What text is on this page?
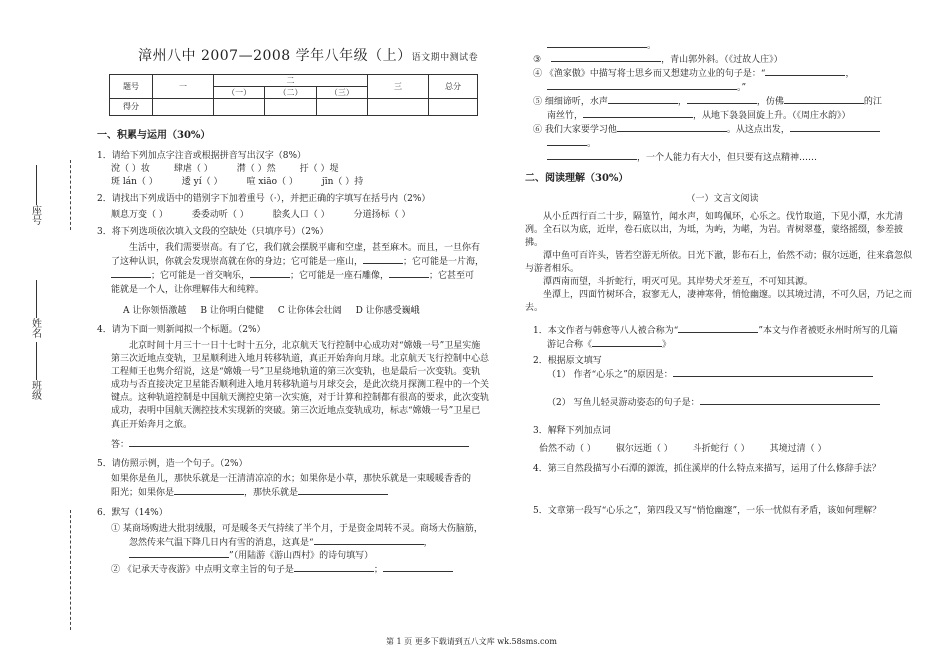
座号
姓名
班级
漳州八中 2007—2008 学年八年级（上）语文期中测试卷
题号	一	二			三	总分
		（一）	（二）	（三）		
得分						

一、积累与运用（30%）

1．请给下列加点字注音或根据拼音写出汉字（8%）

涗（ ）妆	肆虐（ ）	潸（ ）然	扜（ ）堤
斑 lán（ ）	逶 yí（ ）	喧 xiāo（ ）	jīn（ ）持

2．请找出下列成语中的错别字下加着重号（·），并把正确的字填写在括号内（2%）

顺息万变（ ）	委委动听（ ）	脍炙人口（ ）	分道扬标（ ）

3．将下列选项依次填入文段的空缺处（只填序号）（2%）

生活中，我们需要崇高。有了它，我们就会摆脱平庸和空虚，甚至麻木。而且，一旦你有
了这种认识，你就会发现崇高就在你的身边；它可能是一座山，	；它可能是一片海，
；它可能是一首交响乐，	；它可能是一座石雕像，	；它甚至可
能就是一个人，让你理解伟大和纯粹。
A 让你领悟激越 B 让你明白健健 C 让你体会壮阔 D 让你感受巍峨

4．请为下面一则新闻拟一个标题。（2%）

北京时间十月三十一日十七时十五分，北京航天飞行控制中心成功对“嫦娥一号”卫星实施第三次近地点变轨，卫星顺利进入地月转移轨道，真正开始奔向月球。北京航天飞行控制中心总工程师王也隽介绍说，这是“嫦娥一号”卫星绕地轨道的第三次变轨，也是最后一次变轨。变轨成功与否直接决定卫星能否顺利进入地月转移轨道与月球交会，是此次绕月探测工程中的一个关键点。这种轨道控制是中国航天测控史第一次实施，对于计算和控制都有很高的要求，此次变轨成功，表明中国航天测控技术实现新的突破。第三次近地点变轨成功，标志“嫦娥一号”卫星已真正开始奔月之旅。

答：

5．请仿照示例，造一个句子。（2%）

如果你是鱼儿，那快乐就是一汪清清凉凉的水；如果你是小草，那快乐就是一束暖暖香香的
阳光；如果你是	，那快乐就是

6．默写（14%）

① 某商场购进大批羽绒服，可是暖冬天气持续了半个月，于是资金周转不灵。商场大伤脑筋，
忽然传来气温下降几日内有雪的消息，这真是“	，
”（用陆游《游山西村》的诗句填写）
② 《记承天寺夜游》中点明文章主旨的句子是	；
。
③	，青山郭外斜。（《过故人庄》）
④ 《渔家傲》中描写将士思乡而又想建功立业的句子是：“	，
。”
⑤ 细细谛听，水声	，	，仿佛	的江
南丝竹，	，从地下袅袅回旋上升。（《周庄水韵》）
⑥ 我们大家要学习他	。从这点出发，
。
，一个人能力有大小，但只要有这点精神……

二、阅读理解（30%）

（一）文言文阅读

从小丘西行百二十步，隔篁竹，闻水声，如鸣佩环，心乐之。伐竹取道，下见小潭，水尤清冽。全石以为底，近岸，卷石底以出，为坻，为屿，为嵁，为岩。青树翠蔓，蒙络摇缀，参差披拂。

潭中鱼可百许头，皆若空游无所依。日光下澈，影布石上，佁然不动；俶尔远逝，往来翕忽似与游者相乐。

潭西南而望，斗折蛇行，明灭可见。其岸势犬牙差互，不可知其源。

坐潭上，四面竹树环合，寂寥无人，凄神寒骨，悄怆幽邃。以其境过清，不可久居，乃记之而去。

1．本文作者与韩愈等八人被合称为“	”本文与作者被贬永州时所写的几篇
游记合称《	》

2．根据原文填写

（1） 作者“心乐之”的原因是：
（2） 写鱼儿轻灵游动姿态的句子是：

3．解释下列加点词

佁然不动（ ） 俶尔远逝（ ） 斗折蛇行（ ） 其境过清（ ）

4．第三自然段描写小石潭的源流，抓住溪岸的什么特点来描写，运用了什么修辞手法？

5．文章第一段写“心乐之”，第四段又写“悄怆幽邃”，一乐一忧似有矛盾，该如何理解？

第 1 页 更多下载请到五八文库 wk.58sms.com
